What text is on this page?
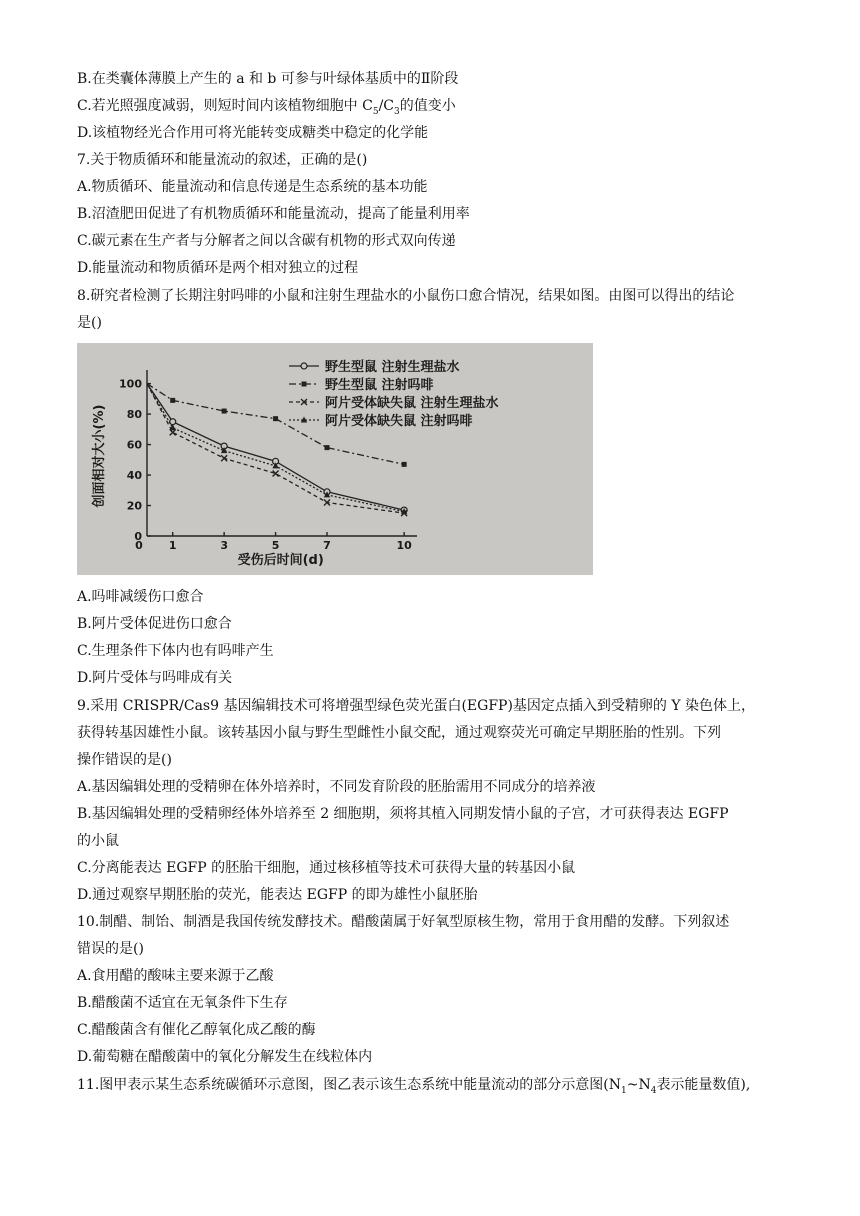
B.在类囊体薄膜上产生的 a 和 b 可参与叶绿体基质中的Ⅱ阶段
C.若光照强度减弱，则短时间内该植物细胞中 $C_5/C_3$的值变小
D.该植物经光合作用可将光能转变成糖类中稳定的化学能
7.关于物质循环和能量流动的叙述，正确的是()
A.物质循环、能量流动和信息传递是生态系统的基本功能
B.沼渣肥田促进了有机物质循环和能量流动，提高了能量利用率
C.碳元素在生产者与分解者之间以含碳有机物的形式双向传递
D.能量流动和物质循环是两个相对独立的过程
8.研究者检测了长期注射吗啡的小鼠和注射生理盐水的小鼠伤口愈合情况，结果如图。由图可以得出的结论
是()
0
20
40
60
80
100
0 1	3	5	7	10
受伤后时间(d)
创面相对大小(%)
野生型鼠 注射生理盐水
野生型鼠 注射吗啡
阿片受体缺失鼠 注射生理盐水
阿片受体缺失鼠 注射吗啡
A.吗啡减缓伤口愈合
B.阿片受体促进伤口愈合
C.生理条件下体内也有吗啡产生
D.阿片受体与吗啡成有关
9.采用 CRISPR/Cas9 基因编辑技术可将增强型绿色荧光蛋白(EGFP)基因定点插入到受精卵的 Y 染色体上，
获得转基因雄性小鼠。该转基因小鼠与野生型雌性小鼠交配，通过观察荧光可确定早期胚胎的性别。下列
操作错误的是()
A.基因编辑处理的受精卵在体外培养时，不同发育阶段的胚胎需用不同成分的培养液
B.基因编辑处理的受精卵经体外培养至 2 细胞期，须将其植入同期发情小鼠的子宫，才可获得表达 EGFP
的小鼠
C.分离能表达 EGFP 的胚胎干细胞，通过核移植等技术可获得大量的转基因小鼠
D.通过观察早期胚胎的荧光，能表达 EGFP 的即为雄性小鼠胚胎
10.制醋、制饴、制酒是我国传统发酵技术。醋酸菌属于好氧型原核生物，常用于食用醋的发酵。下列叙述
错误的是()
A.食用醋的酸味主要来源于乙酸
B.醋酸菌不适宜在无氧条件下生存
C.醋酸菌含有催化乙醇氧化成乙酸的酶
D.葡萄糖在醋酸菌中的氧化分解发生在线粒体内
11.图甲表示某生态系统碳循环示意图，图乙表示该生态系统中能量流动的部分示意图($N_1\sim N_4$表示能量数值),
